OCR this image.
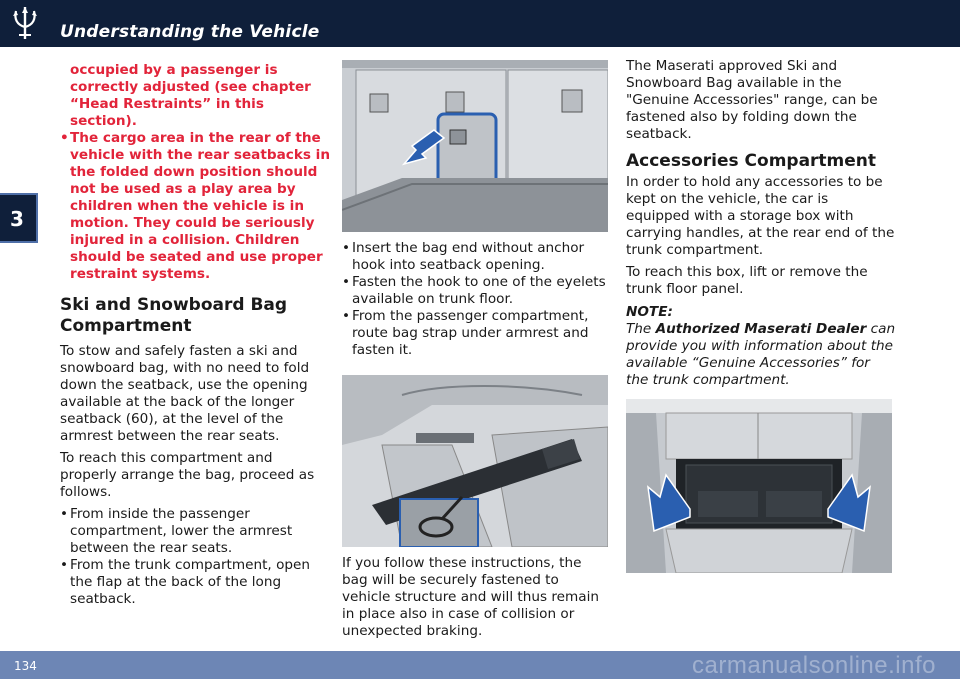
Understanding the Vehicle
3
occupied by a passenger is correctly adjusted (see chapter “Head Restraints” in this section).
• The cargo area in the rear of the vehicle with the rear seatbacks in the folded down position should not be used as a play area by children when the vehicle is in motion. They could be seriously injured in a collision. Children should be seated and use proper restraint systems.
Ski and Snowboard Bag Compartment
To stow and safely fasten a ski and snowboard bag, with no need to fold down the seatback, use the opening available at the back of the longer seatback (60), at the level of the armrest between the rear seats.
To reach this compartment and properly arrange the bag, proceed as follows.
• From inside the passenger compartment, lower the armrest between the rear seats.
• From the trunk compartment, open the flap at the back of the long seatback.
• Insert the bag end without anchor hook into seatback opening.
• Fasten the hook to one of the eyelets available on trunk floor.
• From the passenger compartment, route bag strap under armrest and fasten it.
If you follow these instructions, the bag will be securely fastened to vehicle structure and will thus remain in place also in case of collision or unexpected braking.
The Maserati approved Ski and Snowboard Bag available in the "Genuine Accessories" range, can be fastened also by folding down the seatback.
Accessories Compartment
In order to hold any accessories to be kept on the vehicle, the car is equipped with a storage box with carrying handles, at the rear end of the trunk compartment.
To reach this box, lift or remove the trunk floor panel.
NOTE:
The Authorized Maserati Dealer can provide you with information about the available “Genuine Accessories” for the trunk compartment.
134	carmanualsonline.info
